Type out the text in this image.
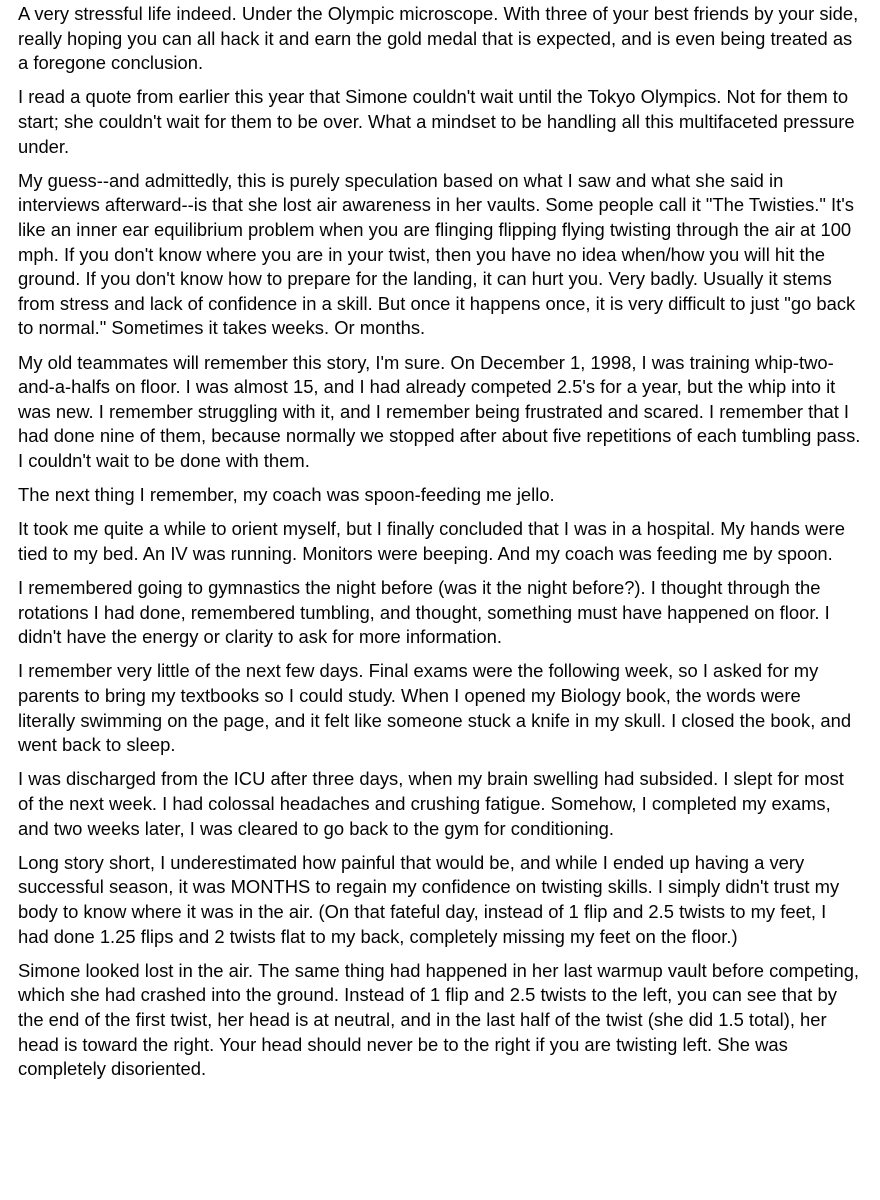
A very stressful life indeed. Under the Olympic microscope. With three of your best friends by your side, really hoping you can all hack it and earn the gold medal that is expected, and is even being treated as a foregone conclusion.

I read a quote from earlier this year that Simone couldn't wait until the Tokyo Olympics. Not for them to start; she couldn't wait for them to be over. What a mindset to be handling all this multifaceted pressure under.

My guess--and admittedly, this is purely speculation based on what I saw and what she said in interviews afterward--is that she lost air awareness in her vaults. Some people call it "The Twisties." It's like an inner ear equilibrium problem when you are flinging flipping flying twisting through the air at 100 mph. If you don't know where you are in your twist, then you have no idea when/how you will hit the ground. If you don't know how to prepare for the landing, it can hurt you. Very badly. Usually it stems from stress and lack of confidence in a skill. But once it happens once, it is very difficult to just "go back to normal." Sometimes it takes weeks. Or months.

My old teammates will remember this story, I'm sure. On December 1, 1998, I was training whip-two-and-a-halfs on floor. I was almost 15, and I had already competed 2.5's for a year, but the whip into it was new. I remember struggling with it, and I remember being frustrated and scared. I remember that I had done nine of them, because normally we stopped after about five repetitions of each tumbling pass. I couldn't wait to be done with them.

The next thing I remember, my coach was spoon-feeding me jello.

It took me quite a while to orient myself, but I finally concluded that I was in a hospital. My hands were tied to my bed. An IV was running. Monitors were beeping. And my coach was feeding me by spoon.

I remembered going to gymnastics the night before (was it the night before?). I thought through the rotations I had done, remembered tumbling, and thought, something must have happened on floor. I didn't have the energy or clarity to ask for more information.

I remember very little of the next few days. Final exams were the following week, so I asked for my parents to bring my textbooks so I could study. When I opened my Biology book, the words were literally swimming on the page, and it felt like someone stuck a knife in my skull. I closed the book, and went back to sleep.

I was discharged from the ICU after three days, when my brain swelling had subsided. I slept for most of the next week. I had colossal headaches and crushing fatigue. Somehow, I completed my exams, and two weeks later, I was cleared to go back to the gym for conditioning.

Long story short, I underestimated how painful that would be, and while I ended up having a very successful season, it was MONTHS to regain my confidence on twisting skills. I simply didn't trust my body to know where it was in the air. (On that fateful day, instead of 1 flip and 2.5 twists to my feet, I had done 1.25 flips and 2 twists flat to my back, completely missing my feet on the floor.)

Simone looked lost in the air. The same thing had happened in her last warmup vault before competing, which she had crashed into the ground. Instead of 1 flip and 2.5 twists to the left, you can see that by the end of the first twist, her head is at neutral, and in the last half of the twist (she did 1.5 total), her head is toward the right. Your head should never be to the right if you are twisting left. She was completely disoriented.
